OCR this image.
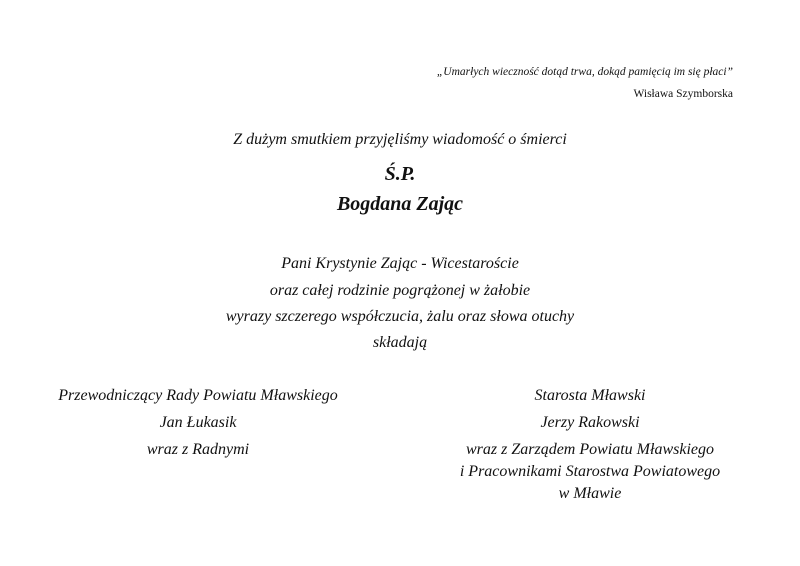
„Umarłych wieczność dotąd trwa, dokąd pamięcią im się płaci”
Wisława Szymborska
Z dużym smutkiem przyjęliśmy wiadomość o śmierci
Ś.P.
Bogdana Zając
Pani Krystynie Zając - Wicestaroście
oraz całej rodzinie pogrążonej w żałobie
wyrazy szczerego współczucia, żalu oraz słowa otuchy
składają
Przewodniczący Rady Powiatu Mławskiego
Jan Łukasik
wraz z Radnymi
Starosta Mławski
Jerzy Rakowski
wraz z Zarządem Powiatu Mławskiego
i Pracownikami Starostwa Powiatowego
w Mławie
